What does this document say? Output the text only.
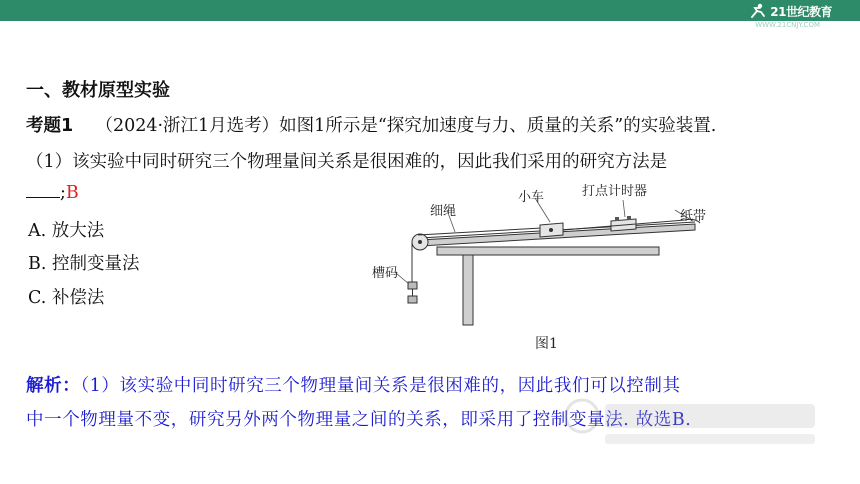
21世纪教育
WWW.21CNJY.COM
一、教材原型实验
考题1 （2024·浙江1月选考）如图1所示是“探究加速度与力、质量的关系”的实验装置.
（1）该实验中同时研究三个物理量间关系是很困难的，因此我们采用的研究方法是
;B
A. 放大法
B. 控制变量法
C. 补偿法
细绳
小车	打点计时器
纸带
槽码
图1
解析：（1）该实验中同时研究三个物理量间关系是很困难的，因此我们可以控制其
中一个物理量不变，研究另外两个物理量之间的关系，即采用了控制变量法. 故选B.
